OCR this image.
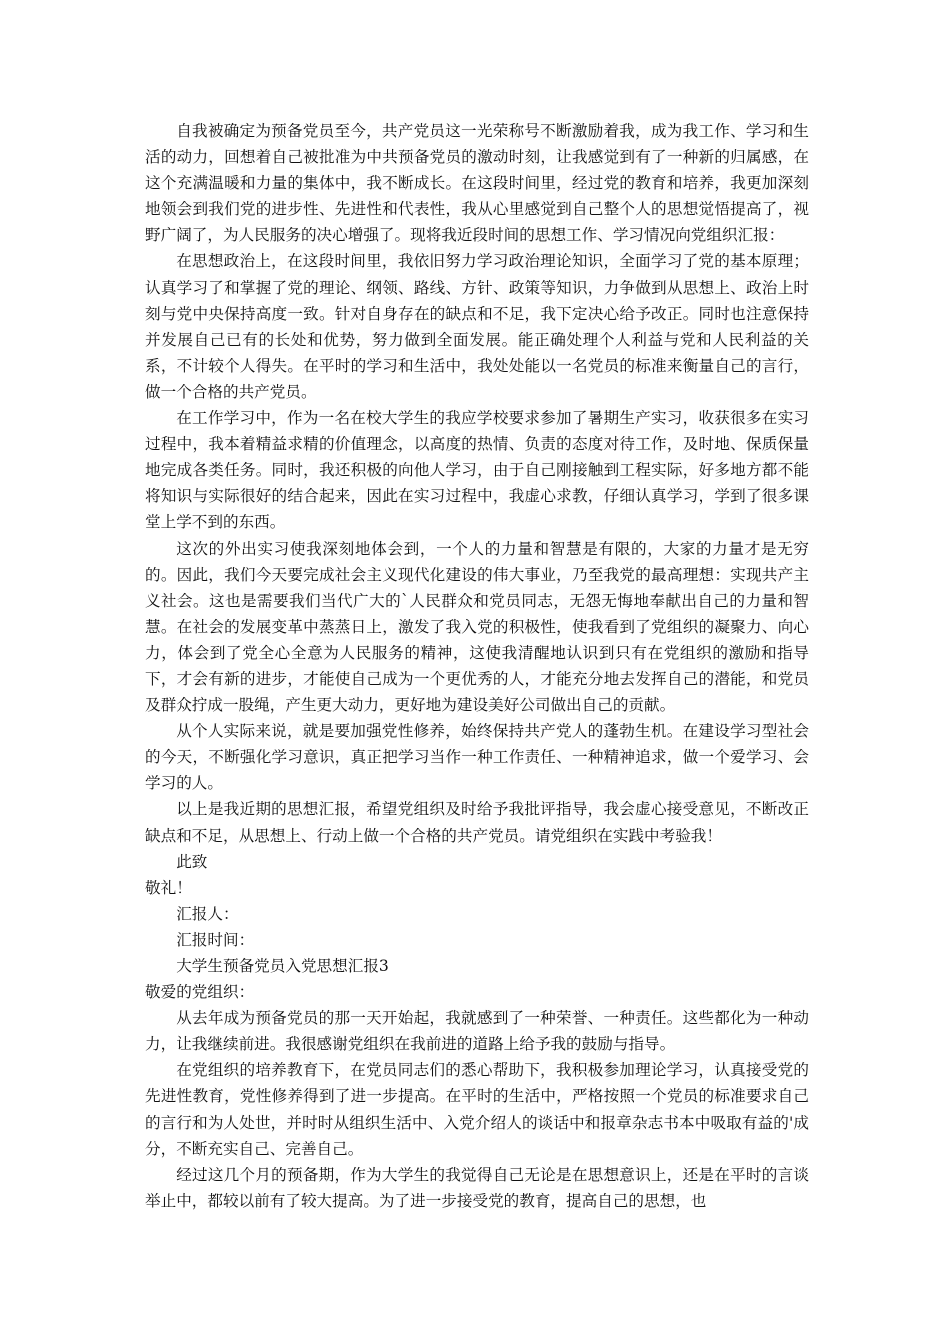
自我被确定为预备党员至今，共产党员这一光荣称号不断激励着我，成为我工作、学习和生活的动力，回想着自己被批准为中共预备党员的激动时刻，让我感觉到有了一种新的归属感，在这个充满温暖和力量的集体中，我不断成长。在这段时间里，经过党的教育和培养，我更加深刻地领会到我们党的进步性、先进性和代表性，我从心里感觉到自己整个人的思想觉悟提高了，视野广阔了，为人民服务的决心增强了。现将我近段时间的思想工作、学习情况向党组织汇报：

在思想政治上，在这段时间里，我依旧努力学习政治理论知识，全面学习了党的基本原理；认真学习了和掌握了党的理论、纲领、路线、方针、政策等知识，力争做到从思想上、政治上时刻与党中央保持高度一致。针对自身存在的缺点和不足，我下定决心给予改正。同时也注意保持并发展自己已有的长处和优势，努力做到全面发展。能正确处理个人利益与党和人民利益的关系，不计较个人得失。在平时的学习和生活中，我处处能以一名党员的标准来衡量自己的言行，做一个合格的共产党员。

在工作学习中，作为一名在校大学生的我应学校要求参加了暑期生产实习，收获很多在实习过程中，我本着精益求精的价值理念，以高度的热情、负责的态度对待工作，及时地、保质保量地完成各类任务。同时，我还积极的向他人学习，由于自己刚接触到工程实际，好多地方都不能将知识与实际很好的结合起来，因此在实习过程中，我虚心求教，仔细认真学习，学到了很多课堂上学不到的东西。

这次的外出实习使我深刻地体会到，一个人的力量和智慧是有限的，大家的力量才是无穷的。因此，我们今天要完成社会主义现代化建设的伟大事业，乃至我党的最高理想：实现共产主义社会。这也是需要我们当代广大的`人民群众和党员同志，无怨无悔地奉献出自己的力量和智慧。在社会的发展变革中蒸蒸日上，激发了我入党的积极性，使我看到了党组织的凝聚力、向心力，体会到了党全心全意为人民服务的精神，这使我清醒地认识到只有在党组织的激励和指导下，才会有新的进步，才能使自己成为一个更优秀的人，才能充分地去发挥自己的潜能，和党员及群众拧成一股绳，产生更大动力，更好地为建设美好公司做出自己的贡献。

从个人实际来说，就是要加强党性修养，始终保持共产党人的蓬勃生机。在建设学习型社会的今天，不断强化学习意识，真正把学习当作一种工作责任、一种精神追求，做一个爱学习、会学习的人。

以上是我近期的思想汇报，希望党组织及时给予我批评指导，我会虚心接受意见，不断改正缺点和不足，从思想上、行动上做一个合格的共产党员。请党组织在实践中考验我！

此致

敬礼！

汇报人：

汇报时间：

大学生预备党员入党思想汇报3

敬爱的党组织：

从去年成为预备党员的那一天开始起，我就感到了一种荣誉、一种责任。这些都化为一种动力，让我继续前进。我很感谢党组织在我前进的道路上给予我的鼓励与指导。

在党组织的培养教育下，在党员同志们的悉心帮助下，我积极参加理论学习，认真接受党的先进性教育，党性修养得到了进一步提高。在平时的生活中，严格按照一个党员的标准要求自己的言行和为人处世，并时时从组织生活中、入党介绍人的谈话中和报章杂志书本中吸取有益的'成分，不断充实自己、完善自己。

经过这几个月的预备期，作为大学生的我觉得自己无论是在思想意识上，还是在平时的言谈举止中，都较以前有了较大提高。为了进一步接受党的教育，提高自己的思想，也
